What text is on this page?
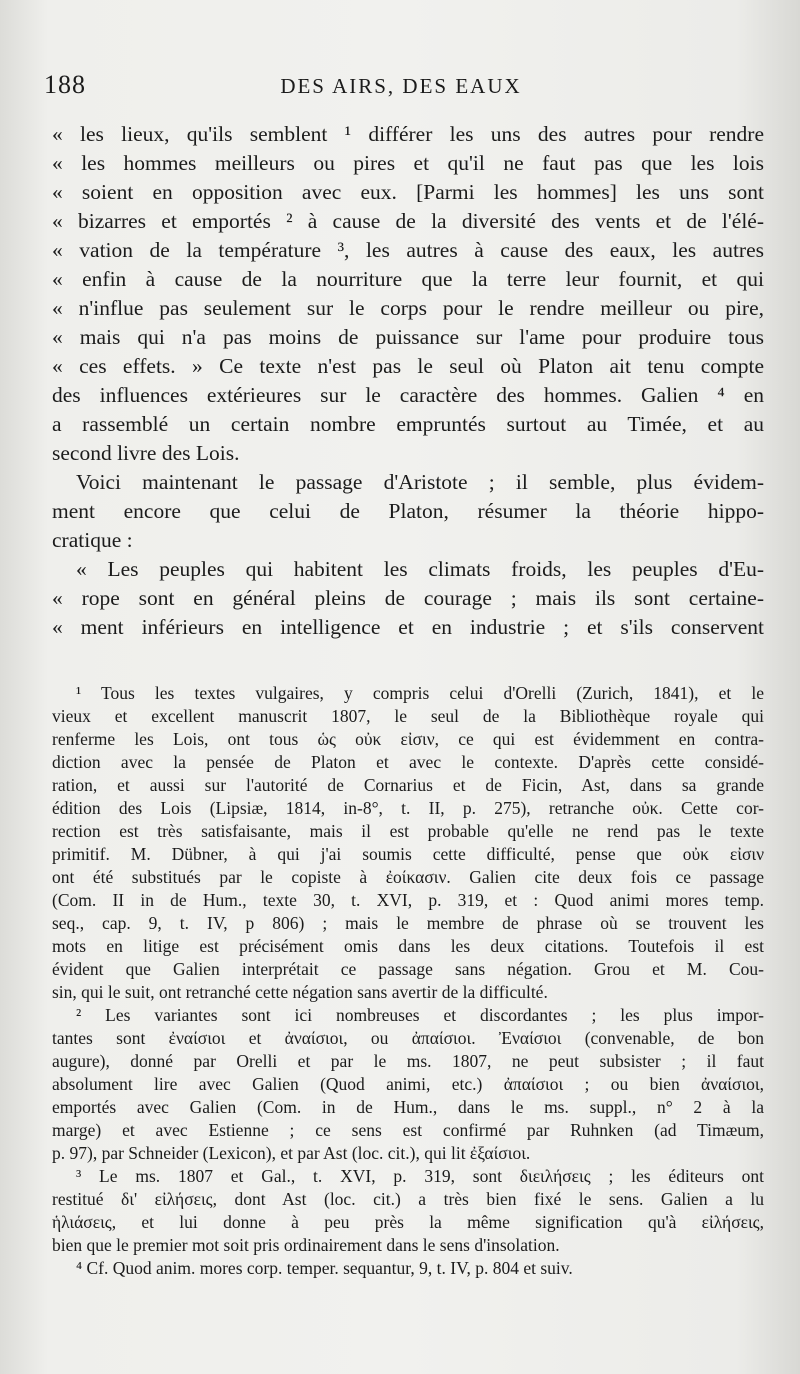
188	DES AIRS, DES EAUX
« les lieux, qu'ils semblent ¹ différer les uns des autres pour rendre
« les hommes meilleurs ou pires et qu'il ne faut pas que les lois
« soient en opposition avec eux. [Parmi les hommes] les uns sont
« bizarres et emportés ² à cause de la diversité des vents et de l'élé-
« vation de la température ³, les autres à cause des eaux, les autres
« enfin à cause de la nourriture que la terre leur fournit, et qui
« n'influe pas seulement sur le corps pour le rendre meilleur ou pire,
« mais qui n'a pas moins de puissance sur l'ame pour produire tous
« ces effets. » Ce texte n'est pas le seul où Platon ait tenu compte
des influences extérieures sur le caractère des hommes. Galien ⁴ en
a rassemblé un certain nombre empruntés surtout au Timée, et au
second livre des Lois.
Voici maintenant le passage d'Aristote ; il semble, plus évidem-
ment encore que celui de Platon, résumer la théorie hippo-
cratique :
« Les peuples qui habitent les climats froids, les peuples d'Eu-
« rope sont en général pleins de courage ; mais ils sont certaine-
« ment inférieurs en intelligence et en industrie ; et s'ils conservent
¹ Tous les textes vulgaires, y compris celui d'Orelli (Zurich, 1841), et le
vieux et excellent manuscrit 1807, le seul de la Bibliothèque royale qui
renferme les Lois, ont tous ὡς οὐκ εἰσιν, ce qui est évidemment en contra-
diction avec la pensée de Platon et avec le contexte. D'après cette considé-
ration, et aussi sur l'autorité de Cornarius et de Ficin, Ast, dans sa grande
édition des Lois (Lipsiæ, 1814, in-8°, t. II, p. 275), retranche οὐκ. Cette cor-
rection est très satisfaisante, mais il est probable qu'elle ne rend pas le texte
primitif. M. Dübner, à qui j'ai soumis cette difficulté, pense que οὐκ εἰσιν
ont été substitués par le copiste à ἐοίκασιν. Galien cite deux fois ce passage
(Com. II in de Hum., texte 30, t. XVI, p. 319, et : Quod animi mores temp.
seq., cap. 9, t. IV, p 806) ; mais le membre de phrase où se trouvent les
mots en litige est précisément omis dans les deux citations. Toutefois il est
évident que Galien interprétait ce passage sans négation. Grou et M. Cou-
sin, qui le suit, ont retranché cette négation sans avertir de la difficulté.
² Les variantes sont ici nombreuses et discordantes ; les plus impor-
tantes sont ἐναίσιοι et ἀναίσιοι, ou ἀπαίσιοι. Ἐναίσιοι (convenable, de bon
augure), donné par Orelli et par le ms. 1807, ne peut subsister ; il faut
absolument lire avec Galien (Quod animi, etc.) ἀπαίσιοι ; ou bien ἀναίσιοι,
emportés avec Galien (Com. in de Hum., dans le ms. suppl., n° 2 à la
marge) et avec Estienne ; ce sens est confirmé par Ruhnken (ad Timæum,
p. 97), par Schneider (Lexicon), et par Ast (loc. cit.), qui lit ἐξαίσιοι.
³ Le ms. 1807 et Gal., t. XVI, p. 319, sont διειλήσεις ; les éditeurs ont
restitué δι' εἰλήσεις, dont Ast (loc. cit.) a très bien fixé le sens. Galien a lu
ἡλιάσεις, et lui donne à peu près la même signification qu'à εἰλήσεις,
bien que le premier mot soit pris ordinairement dans le sens d'insolation.
⁴ Cf. Quod anim. mores corp. temper. sequantur, 9, t. IV, p. 804 et suiv.
